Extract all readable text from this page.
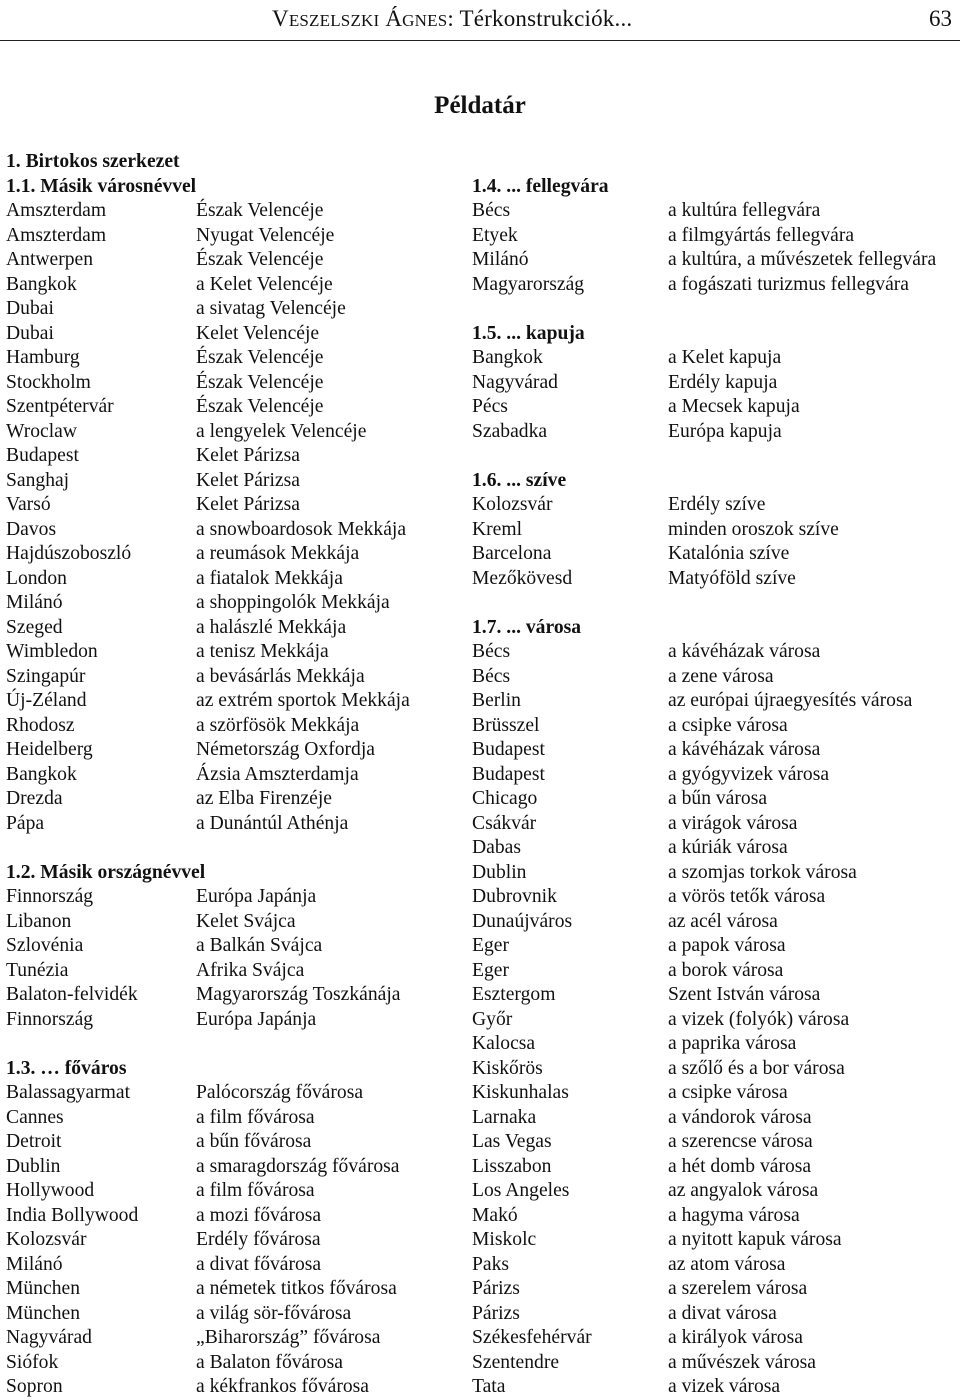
VESZELSZKI ÁGNES: Térkonstrukciók...	63
Példatár
1. Birtokos szerkezet
1.1. Másik városnévvel
Amszterdam	Észak Velencéje
Amszterdam	Nyugat Velencéje
Antwerpen	Észak Velencéje
Bangkok	a Kelet Velencéje
Dubai	a sivatag Velencéje
Dubai	Kelet Velencéje
Hamburg	Észak Velencéje
Stockholm	Észak Velencéje
Szentpétervár	Észak Velencéje
Wroclaw	a lengyelek Velencéje
Budapest	Kelet Párizsa
Sanghaj	Kelet Párizsa
Varsó	Kelet Párizsa
Davos	a snowboardosok Mekkája
Hajdúszoboszló	a reumások Mekkája
London	a fiatalok Mekkája
Milánó	a shoppingolók Mekkája
Szeged	a halászlé Mekkája
Wimbledon	a tenisz Mekkája
Szingapúr	a bevásárlás Mekkája
Új-Zéland	az extrém sportok Mekkája
Rhodosz	a szörfösök Mekkája
Heidelberg	Németország Oxfordja
Bangkok	Ázsia Amszterdamja
Drezda	az Elba Firenzéje
Pápa	a Dunántúl Athénja
1.2. Másik országnévvel
Finnország	Európa Japánja
Libanon	Kelet Svájca
Szlovénia	a Balkán Svájca
Tunézia	Afrika Svájca
Balaton-felvidék	Magyarország Toszkánája
Finnország	Európa Japánja
1.3. … főváros
Balassagyarmat	Palócország fővárosa
Cannes	a film fővárosa
Detroit	a bűn fővárosa
Dublin	a smaragdország fővárosa
Hollywood	a film fővárosa
India Bollywood	a mozi fővárosa
Kolozsvár	Erdély fővárosa
Milánó	a divat fővárosa
München	a németek titkos fővárosa
München	a világ sör-fővárosa
Nagyvárad	„Biharország” fővárosa
Siófok	a Balaton fővárosa
Sopron	a kékfrankos fővárosa
1.4. ... fellegvára
Bécs	a kultúra fellegvára
Etyek	a filmgyártás fellegvára
Milánó	a kultúra, a művészetek fellegvára
Magyarország	a fogászati turizmus fellegvára
1.5. ... kapuja
Bangkok	a Kelet kapuja
Nagyvárad	Erdély kapuja
Pécs	a Mecsek kapuja
Szabadka	Európa kapuja
1.6. ... szíve
Kolozsvár	Erdély szíve
Kreml	minden oroszok szíve
Barcelona	Katalónia szíve
Mezőkövesd	Matyóföld szíve
1.7. ... városa
Bécs	a kávéházak városa
Bécs	a zene városa
Berlin	az európai újraegyesítés városa
Brüsszel	a csipke városa
Budapest	a kávéházak városa
Budapest	a gyógyvizek városa
Chicago	a bűn városa
Csákvár	a virágok városa
Dabas	a kúriák városa
Dublin	a szomjas torkok városa
Dubrovnik	a vörös tetők városa
Dunaújváros	az acél városa
Eger	a papok városa
Eger	a borok városa
Esztergom	Szent István városa
Győr	a vizek (folyók) városa
Kalocsa	a paprika városa
Kiskőrös	a szőlő és a bor városa
Kiskunhalas	a csipke városa
Larnaka	a vándorok városa
Las Vegas	a szerencse városa
Lisszabon	a hét domb városa
Los Angeles	az angyalok városa
Makó	a hagyma városa
Miskolc	a nyitott kapuk városa
Paks	az atom városa
Párizs	a szerelem városa
Párizs	a divat városa
Székesfehérvár	a királyok városa
Szentendre	a művészek városa
Tata	a vizek városa
